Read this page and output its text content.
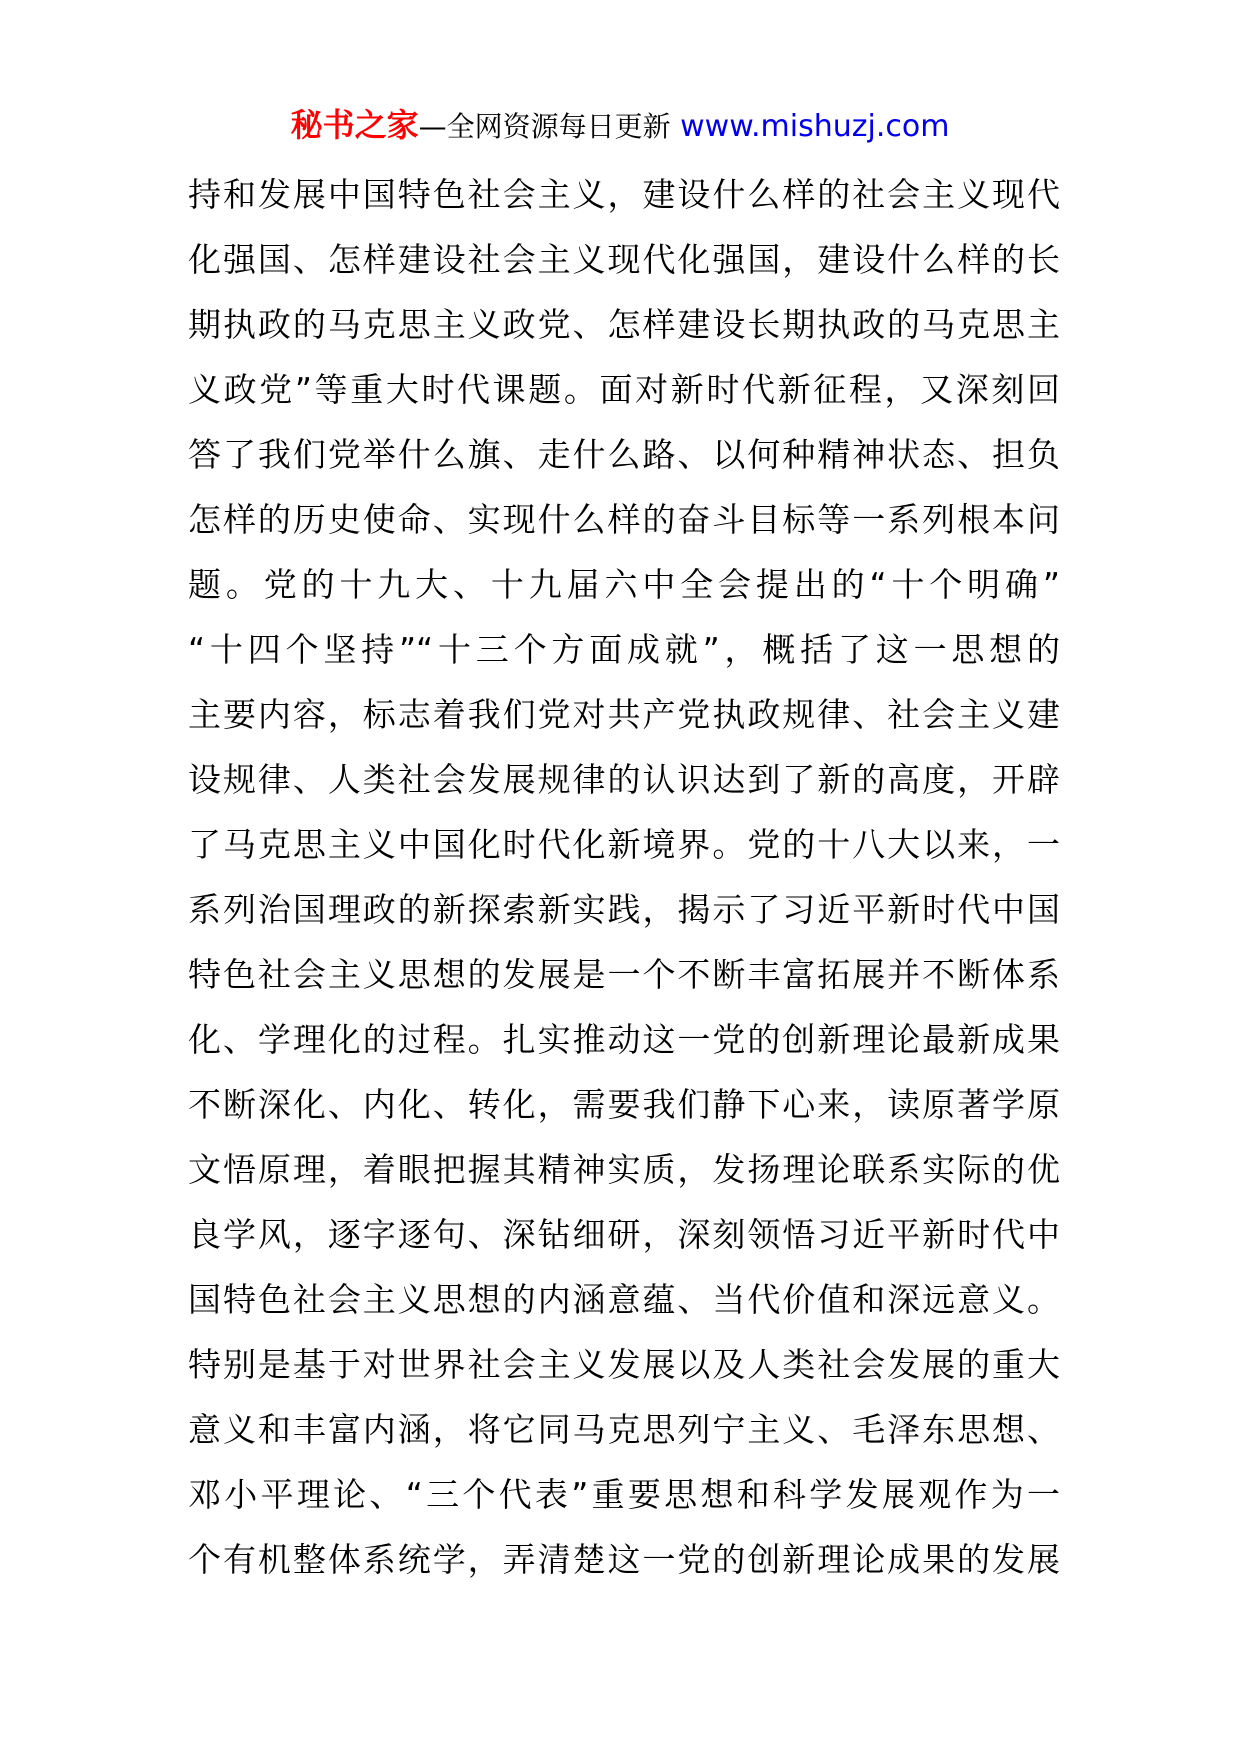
秘书之家—全网资源每日更新 www.mishuzj.com
持和发展中国特色社会主义，建设什么样的社会主义现代
化强国、怎样建设社会主义现代化强国，建设什么样的长
期执政的马克思主义政党、怎样建设长期执政的马克思主
义政党”等重大时代课题。面对新时代新征程，又深刻回
答了我们党举什么旗、走什么路、以何种精神状态、担负
怎样的历史使命、实现什么样的奋斗目标等一系列根本问
题。党的十九大、十九届六中全会提出的“十个明确”
“十四个坚持”“十三个方面成就”，概括了这一思想的
主要内容，标志着我们党对共产党执政规律、社会主义建
设规律、人类社会发展规律的认识达到了新的高度，开辟
了马克思主义中国化时代化新境界。党的十八大以来，一
系列治国理政的新探索新实践，揭示了习近平新时代中国
特色社会主义思想的发展是一个不断丰富拓展并不断体系
化、学理化的过程。扎实推动这一党的创新理论最新成果
不断深化、内化、转化，需要我们静下心来，读原著学原
文悟原理，着眼把握其精神实质，发扬理论联系实际的优
良学风，逐字逐句、深钻细研，深刻领悟习近平新时代中
国特色社会主义思想的内涵意蕴、当代价值和深远意义。
特别是基于对世界社会主义发展以及人类社会发展的重大
意义和丰富内涵，将它同马克思列宁主义、毛泽东思想、
邓小平理论、“三个代表”重要思想和科学发展观作为一
个有机整体系统学，弄清楚这一党的创新理论成果的发展
